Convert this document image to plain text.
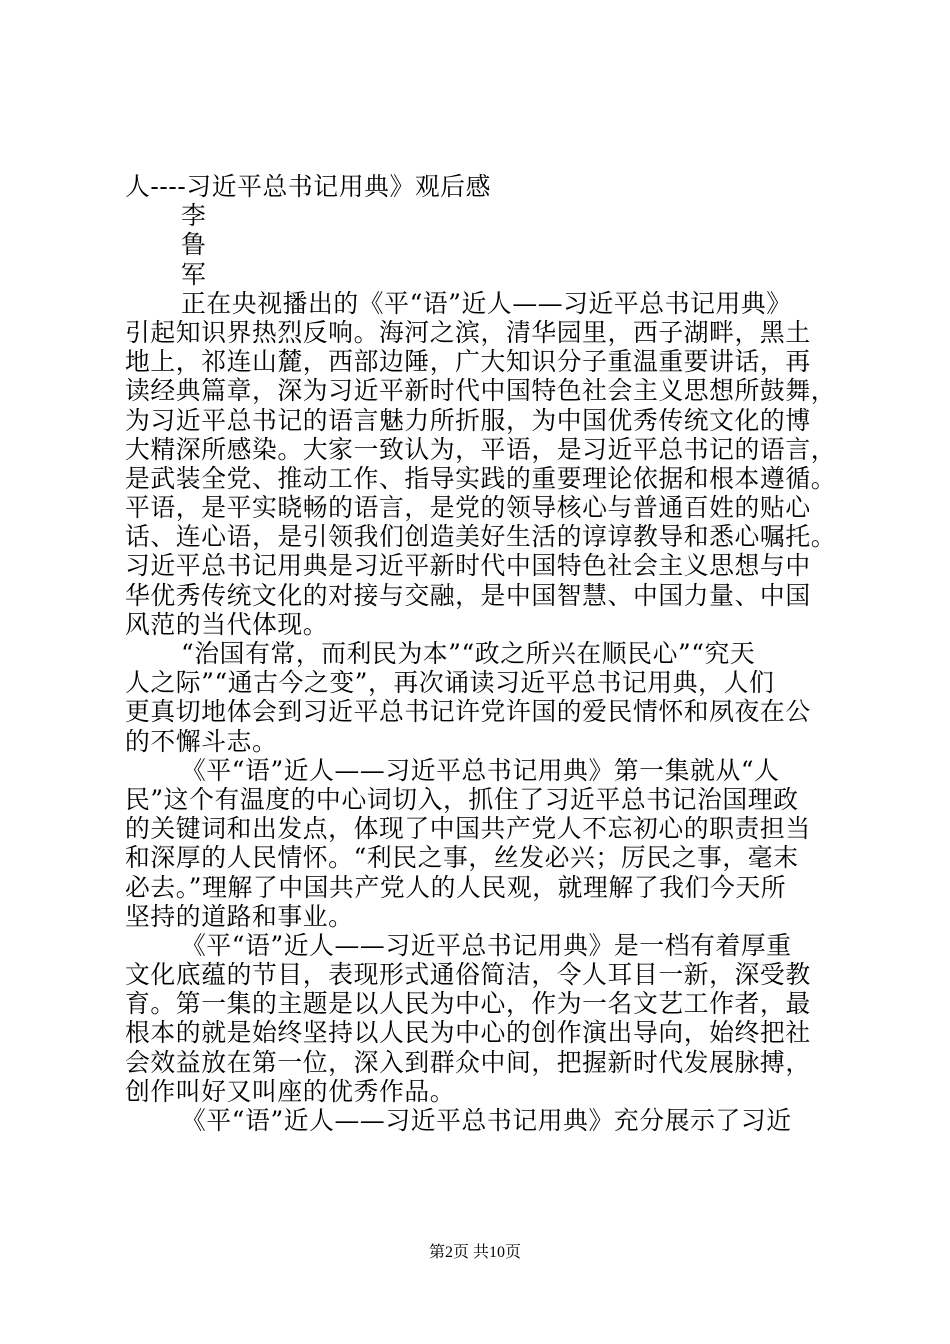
人----习近平总书记用典》观后感
李
鲁
军
正在央视播出的《平“语”近人——习近平总书记用典》
引起知识界热烈反响。海河之滨，清华园里，西子湖畔，黑土
地上，祁连山麓，西部边陲，广大知识分子重温重要讲话，再
读经典篇章，深为习近平新时代中国特色社会主义思想所鼓舞，
为习近平总书记的语言魅力所折服，为中国优秀传统文化的博
大精深所感染。大家一致认为，平语，是习近平总书记的语言，
是武装全党、推动工作、指导实践的重要理论依据和根本遵循。
平语，是平实晓畅的语言，是党的领导核心与普通百姓的贴心
话、连心语，是引领我们创造美好生活的谆谆教导和悉心嘱托。
习近平总书记用典是习近平新时代中国特色社会主义思想与中
华优秀传统文化的对接与交融，是中国智慧、中国力量、中国
风范的当代体现。
“治国有常，而利民为本”“政之所兴在顺民心”“究天
人之际”“通古今之变”，再次诵读习近平总书记用典，人们
更真切地体会到习近平总书记许党许国的爱民情怀和夙夜在公
的不懈斗志。
《平“语”近人——习近平总书记用典》第一集就从“人
民”这个有温度的中心词切入，抓住了习近平总书记治国理政
的关键词和出发点，体现了中国共产党人不忘初心的职责担当
和深厚的人民情怀。“利民之事，丝发必兴；厉民之事，毫末
必去。”理解了中国共产党人的人民观，就理解了我们今天所
坚持的道路和事业。
《平“语”近人——习近平总书记用典》是一档有着厚重
文化底蕴的节目，表现形式通俗简洁，令人耳目一新，深受教
育。第一集的主题是以人民为中心，作为一名文艺工作者，最
根本的就是始终坚持以人民为中心的创作演出导向，始终把社
会效益放在第一位，深入到群众中间，把握新时代发展脉搏，
创作叫好又叫座的优秀作品。
《平“语”近人——习近平总书记用典》充分展示了习近
第2页 共10页
